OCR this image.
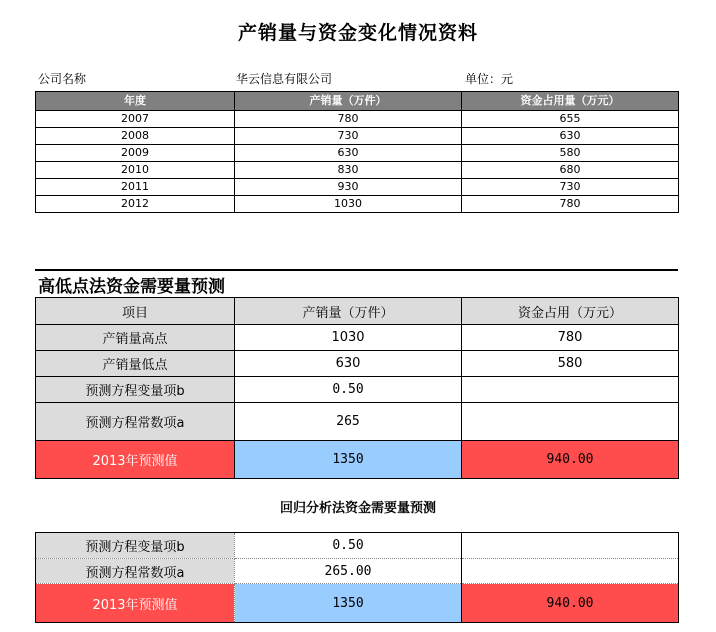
产销量与资金变化情况资料
公司名称	华云信息有限公司	单位：元
年度	产销量（万件）	资金占用量（万元）
2007	780	655
2008	730	630
2009	630	580
2010	830	680
2011	930	730
2012	1030	780
高低点法资金需要量预测
项目	产销量（万件）	资金占用（万元）
产销量高点	1030	780
产销量低点	630	580
预测方程变量项b	0.50	
预测方程常数项a	265	
2013年预测值	1350	940.00
回归分析法资金需要量预测
预测方程变量项b	0.50	
预测方程常数项a	265.00	
2013年预测值	1350	940.00
